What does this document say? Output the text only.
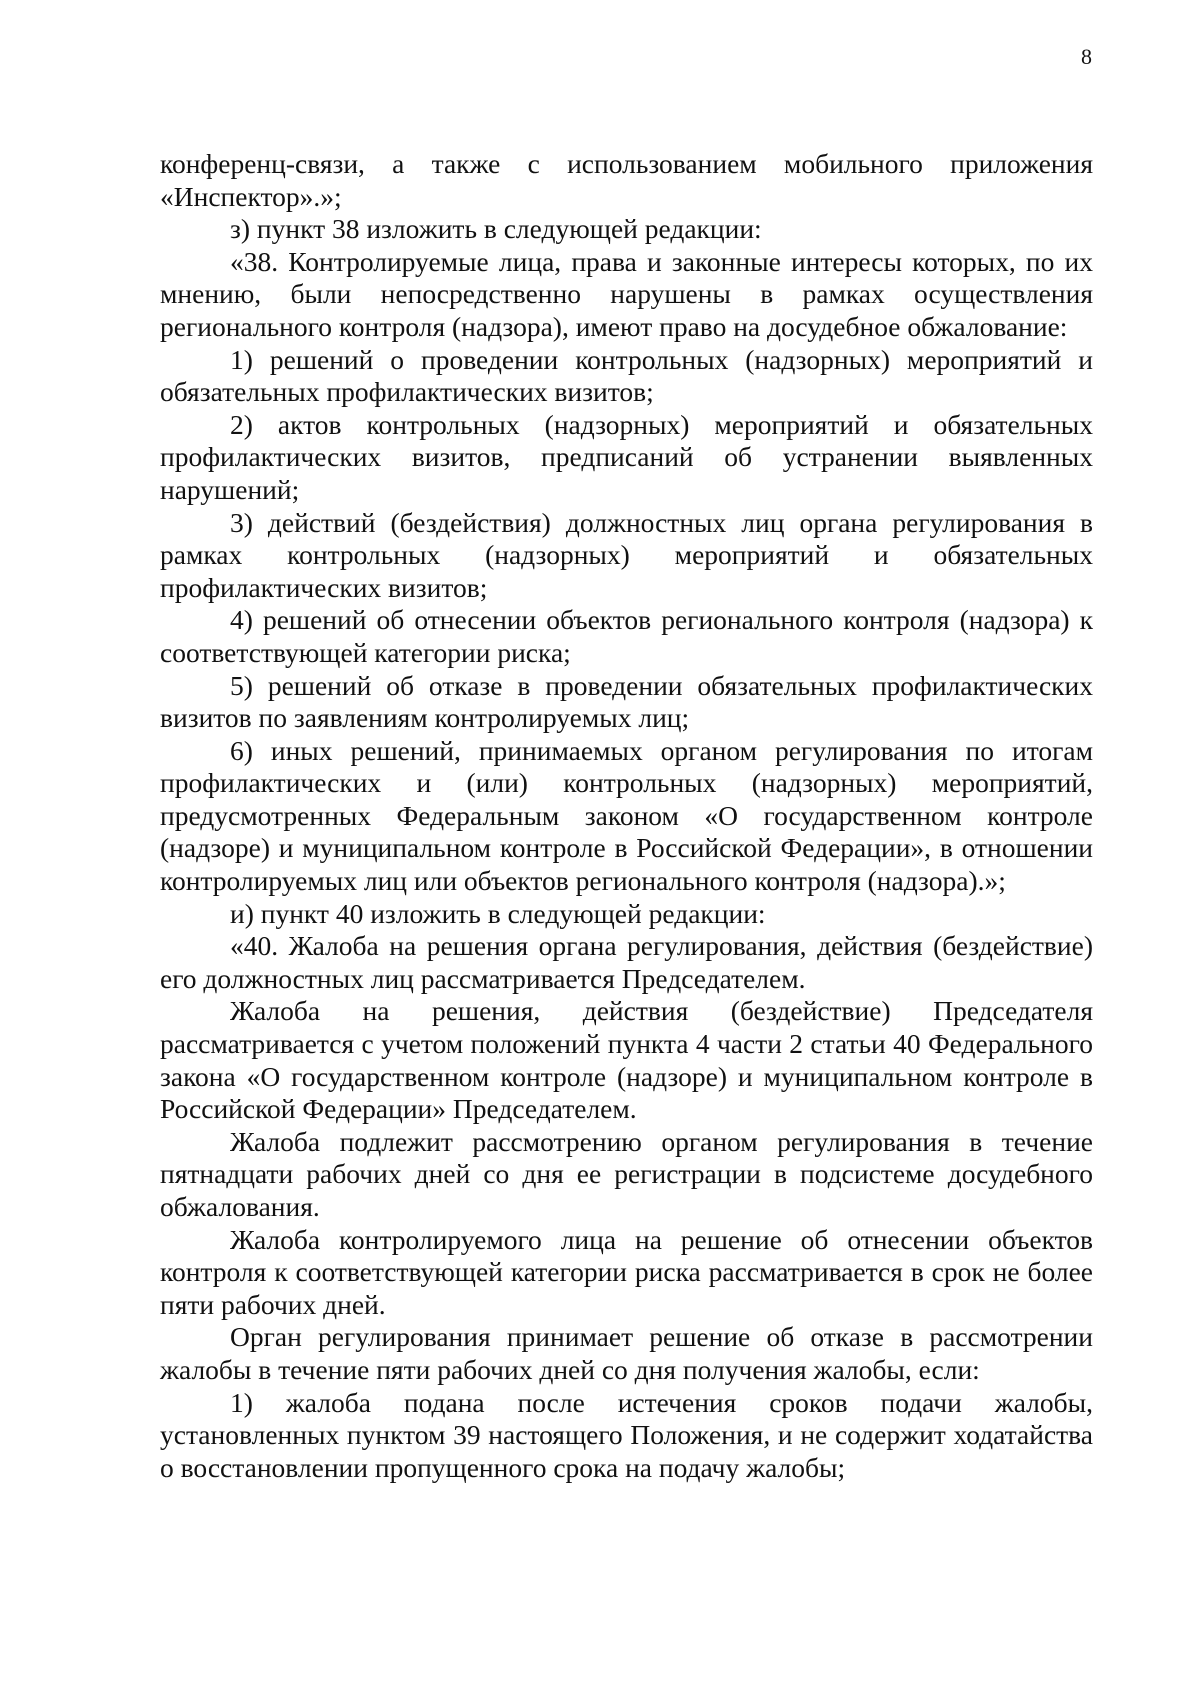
8

конференц-связи, а также с использованием мобильного приложения «Инспектор».»;

з) пункт 38 изложить в следующей редакции:

«38. Контролируемые лица, права и законные интересы которых, по их мнению, были непосредственно нарушены в рамках осуществления регионального контроля (надзора), имеют право на досудебное обжалование:

1) решений о проведении контрольных (надзорных) мероприятий и обязательных профилактических визитов;

2) актов контрольных (надзорных) мероприятий и обязательных профилактических визитов, предписаний об устранении выявленных нарушений;

3) действий (бездействия) должностных лиц органа регулирования в рамках контрольных (надзорных) мероприятий и обязательных профилактических визитов;

4) решений об отнесении объектов регионального контроля (надзора) к соответствующей категории риска;

5) решений об отказе в проведении обязательных профилактических визитов по заявлениям контролируемых лиц;

6) иных решений, принимаемых органом регулирования по итогам профилактических и (или) контрольных (надзорных) мероприятий, предусмотренных Федеральным законом «О государственном контроле (надзоре) и муниципальном контроле в Российской Федерации», в отношении контролируемых лиц или объектов регионального контроля (надзора).»;

и) пункт 40 изложить в следующей редакции:

«40. Жалоба на решения органа регулирования, действия (бездействие) его должностных лиц рассматривается Председателем.

Жалоба на решения, действия (бездействие) Председателя рассматривается с учетом положений пункта 4 части 2 статьи 40 Федерального закона «О государственном контроле (надзоре) и муниципальном контроле в Российской Федерации» Председателем.

Жалоба подлежит рассмотрению органом регулирования в течение пятнадцати рабочих дней со дня ее регистрации в подсистеме досудебного обжалования.

Жалоба контролируемого лица на решение об отнесении объектов контроля к соответствующей категории риска рассматривается в срок не более пяти рабочих дней.

Орган регулирования принимает решение об отказе в рассмотрении жалобы в течение пяти рабочих дней со дня получения жалобы, если:

1) жалоба подана после истечения сроков подачи жалобы, установленных пунктом 39 настоящего Положения, и не содержит ходатайства о восстановлении пропущенного срока на подачу жалобы;
